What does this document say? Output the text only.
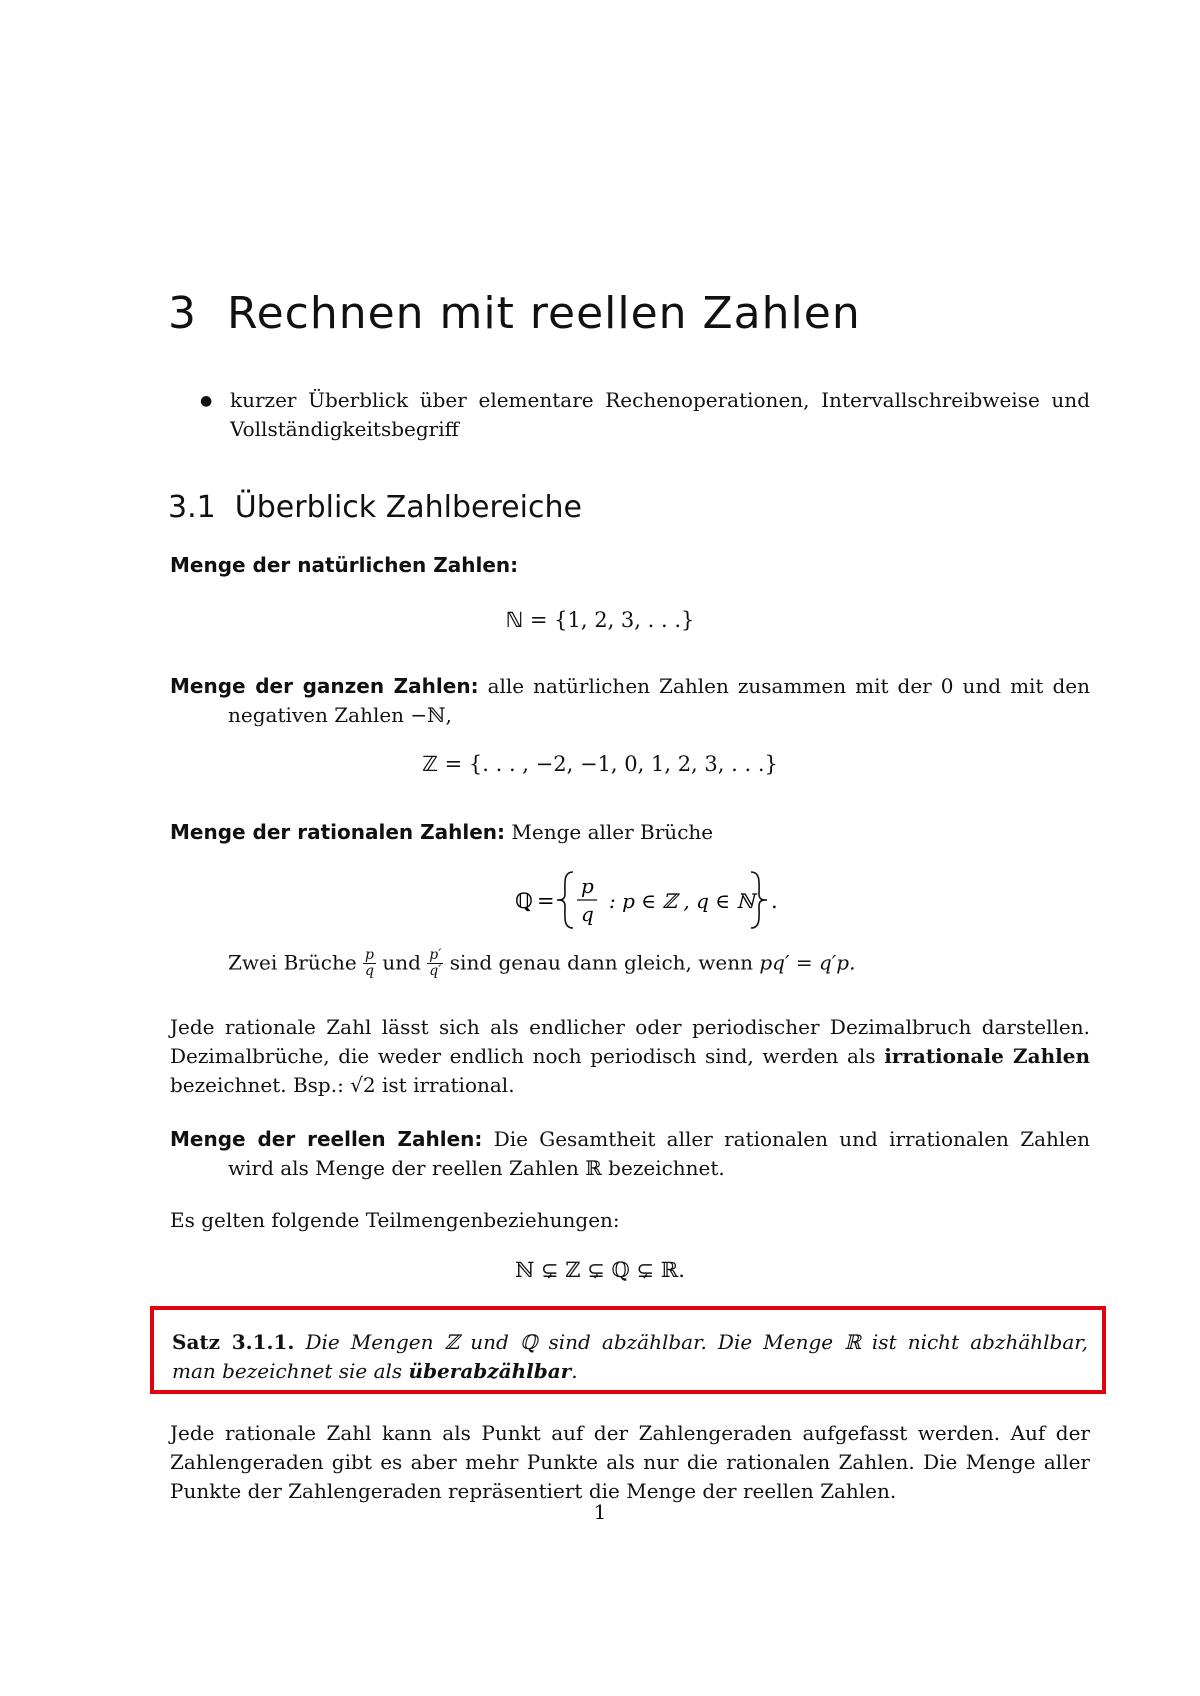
3 Rechnen mit reellen Zahlen
● kurzer Überblick über elementare Rechenoperationen, Intervallschreibweise und Vollständigkeitsbegriff
3.1 Überblick Zahlbereiche
Menge der natürlichen Zahlen:
ℕ = {1, 2, 3, . . .}
Menge der ganzen Zahlen: alle natürlichen Zahlen zusammen mit der 0 und mit den
negativen Zahlen −ℕ,
ℤ = {. . . , −2, −1, 0, 1, 2, 3, . . .}
Menge der rationalen Zahlen: Menge aller Brüche
ℚ =
p
q
: p ∈ ℤ , q ∈ ℕ .
Zwei Brüche $\frac{p}{q}$ und $\frac{p'}{q'}$ sind genau dann gleich, wenn pq′ = q′p.
Jede rationale Zahl lässt sich als endlicher oder periodischer Dezimalbruch darstellen.
Dezimalbrüche, die weder endlich noch periodisch sind, werden als irrationale Zahlen
bezeichnet. Bsp.: √2 ist irrational.
Menge der reellen Zahlen: Die Gesamtheit aller rationalen und irrationalen Zahlen
wird als Menge der reellen Zahlen ℝ bezeichnet.
Es gelten folgende Teilmengenbeziehungen:
ℕ ⊊ ℤ ⊊ ℚ ⊊ ℝ.
Satz 3.1.1. Die Mengen ℤ und ℚ sind abzählbar. Die Menge ℝ ist nicht abzhählbar,
man bezeichnet sie als überabzählbar.
Jede rationale Zahl kann als Punkt auf der Zahlengeraden aufgefasst werden. Auf der
Zahlengeraden gibt es aber mehr Punkte als nur die rationalen Zahlen. Die Menge aller
Punkte der Zahlengeraden repräsentiert die Menge der reellen Zahlen.
1
